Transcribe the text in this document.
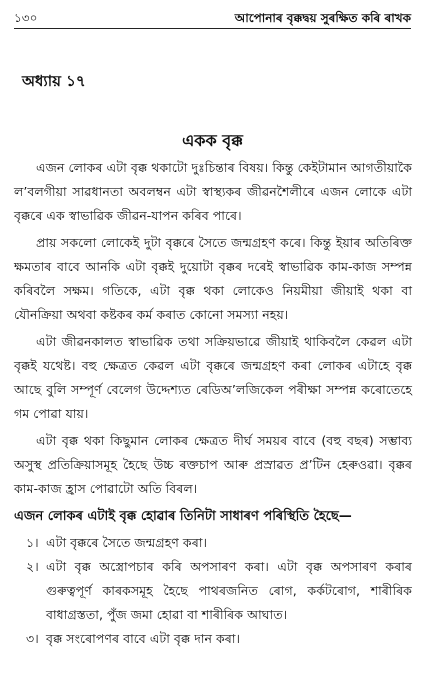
১৩০	আপোনাৰ বৃক্কদ্বয় সুৰক্ষিত কৰি ৰাখক
অধ্যায় ১৭
একক বৃক্ক

এজন লোকৰ এটা বৃক্ক থকাটো দুঃচিন্তাৰ বিষয়। কিন্তু কেইটামান আগতীয়াকৈ ল’বলগীয়া সাৱধানতা অবলম্বন এটা স্বাস্থ্যকৰ জীৱনশৈলীৰে এজন লোকে এটা বৃক্কৰে এক স্বাভাৱিক জীৱন-যাপন কৰিব পাৰে।

প্ৰায় সকলো লোকেই দুটা বৃক্কৰে সৈতে জন্মগ্ৰহণ কৰে। কিন্তু ইয়াৰ অতিৰিক্ত ক্ষমতাৰ বাবে আনকি এটা বৃক্কই দুয়োটা বৃক্কৰ দৰেই স্বাভাৱিক কাম-কাজ সম্পন্ন কৰিবলৈ সক্ষম। গতিকে, এটা বৃক্ক থকা লোকেও নিয়মীয়া জীয়াই থকা বা যৌনক্ৰিয়া অথবা কষ্টকৰ কৰ্ম কৰাত কোনো সমস্যা নহয়।

এটা জীৱনকালত স্বাভাৱিক তথা সক্ৰিয়ভাৱে জীয়াই থাকিবলৈ কেৱল এটা বৃক্কই যথেষ্ট। বহু ক্ষেত্ৰত কেৱল এটা বৃক্কৰে জন্মগ্ৰহণ কৰা লোকৰ এটাহে বৃক্ক আছে বুলি সম্পূৰ্ণ বেলেগ উদ্দেশ্যত ৰেডিঅ’লজিকেল পৰীক্ষা সম্পন্ন কৰোতেহে গম পোৱা যায়।

এটা বৃক্ক থকা কিছুমান লোকৰ ক্ষেত্ৰত দীৰ্ঘ সময়ৰ বাবে (বহু বছৰ) সম্ভাব্য অসুস্থ প্ৰতিক্ৰিয়াসমূহ হৈছে উচ্চ ৰক্তচাপ আৰু প্ৰস্ৰাৱত প্ৰ’টিন হেৰুওৱা। বৃক্কৰ কাম-কাজ হ্ৰাস পোৱাটো অতি বিৰল।

এজন লোকৰ এটাই বৃক্ক হোৱাৰ তিনিটা সাধাৰণ পৰিস্থিতি হৈছে—
১। এটা বৃক্কৰে সৈতে জন্মগ্ৰহণ কৰা।
২। এটা বৃক্ক অস্ত্ৰোপচাৰ কৰি অপসাৰণ কৰা। এটা বৃক্ক অপসাৰণ কৰাৰ গুৰুত্বপূৰ্ণ কাৰকসমূহ হৈছে পাথৰজনিত ৰোগ, কৰ্কটৰোগ, শাৰীৰিক বাধাগ্ৰস্ততা, পুঁজ জমা হোৱা বা শাৰীৰিক আঘাত।
৩। বৃক্ক সংৰোপণৰ বাবে এটা বৃক্ক দান কৰা।
